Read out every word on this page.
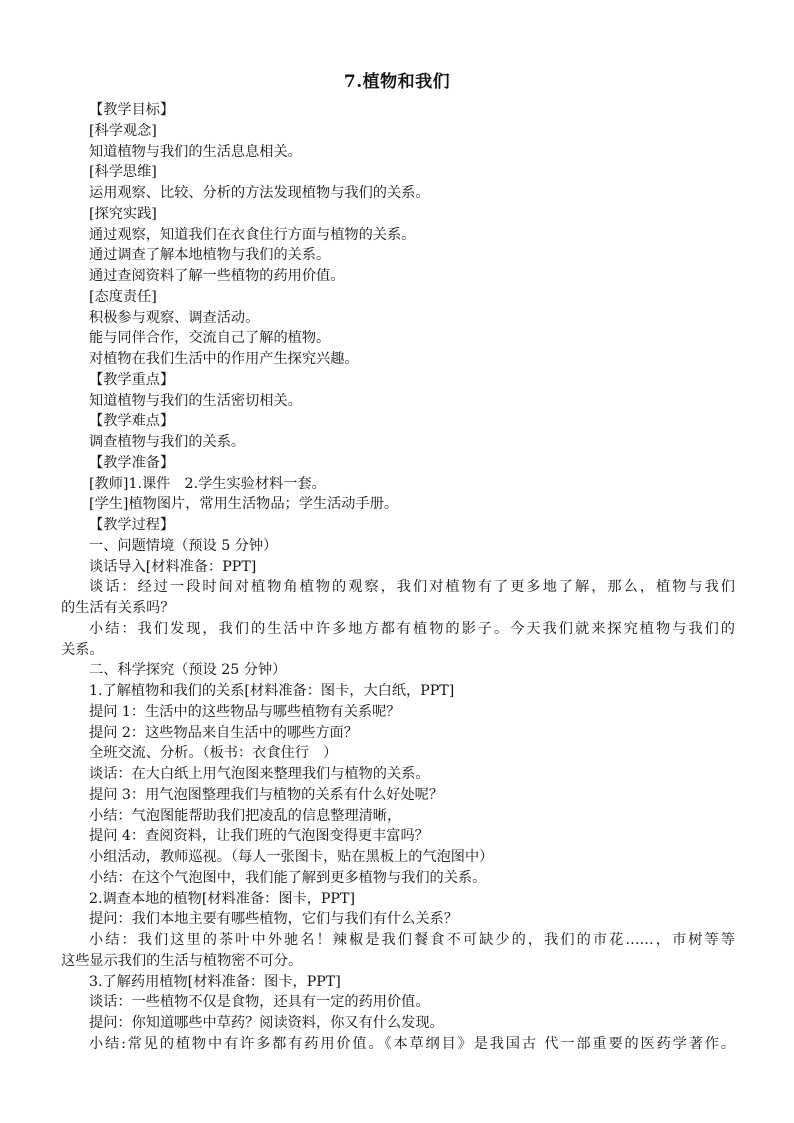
7.植物和我们
【教学目标】
[科学观念]
知道植物与我们的生活息息相关。
[科学思维]
运用观察、比较、分析的方法发现植物与我们的关系。
[探究实践]
通过观察，知道我们在衣食住行方面与植物的关系。
通过调查了解本地植物与我们的关系。
通过查阅资料了解一些植物的药用价值。
[态度责任]
积极参与观察、调查活动。
能与同伴合作，交流自己了解的植物。
对植物在我们生活中的作用产生探究兴趣。
【教学重点】
知道植物与我们的生活密切相关。
【教学难点】
调查植物与我们的关系。
【教学准备】
[教师]1.课件　2.学生实验材料一套。
[学生]植物图片，常用生活物品；学生活动手册。
【教学过程】
一、问题情境（预设 5 分钟）
谈话导入[材料准备：PPT]
谈话：经过一段时间对植物角植物的观察，我们对植物有了更多地了解，那么，植物与我们
的生活有关系吗？
小结：我们发现，我们的生活中许多地方都有植物的影子。今天我们就来探究植物与我们的
关系。
二、科学探究（预设 25 分钟）
1.了解植物和我们的关系[材料准备：图卡，大白纸，PPT]
提问 1：生活中的这些物品与哪些植物有关系呢？
提问 2：这些物品来自生活中的哪些方面？
全班交流、分析。（板书：衣食住行　）
谈话：在大白纸上用气泡图来整理我们与植物的关系。
提问 3：用气泡图整理我们与植物的关系有什么好处呢？
小结：气泡图能帮助我们把凌乱的信息整理清晰，
提问 4：查阅资料，让我们班的气泡图变得更丰富吗？
小组活动，教师巡视。（每人一张图卡，贴在黑板上的气泡图中）
小结：在这个气泡图中，我们能了解到更多植物与我们的关系。
2.调查本地的植物[材料准备：图卡，PPT]
提问：我们本地主要有哪些植物，它们与我们有什么关系？
小结：我们这里的茶叶中外驰名！辣椒是我们餐食不可缺少的，我们的市花……，市树等等
这些显示我们的生活与植物密不可分。
3.了解药用植物[材料准备：图卡，PPT]
谈话：一些植物不仅是食物，还具有一定的药用价值。
提问：你知道哪些中草药？阅读资料，你又有什么发现。
小结:常见的植物中有许多都有药用价值。《本草纲目》是我国古 代一部重要的医药学著作。
